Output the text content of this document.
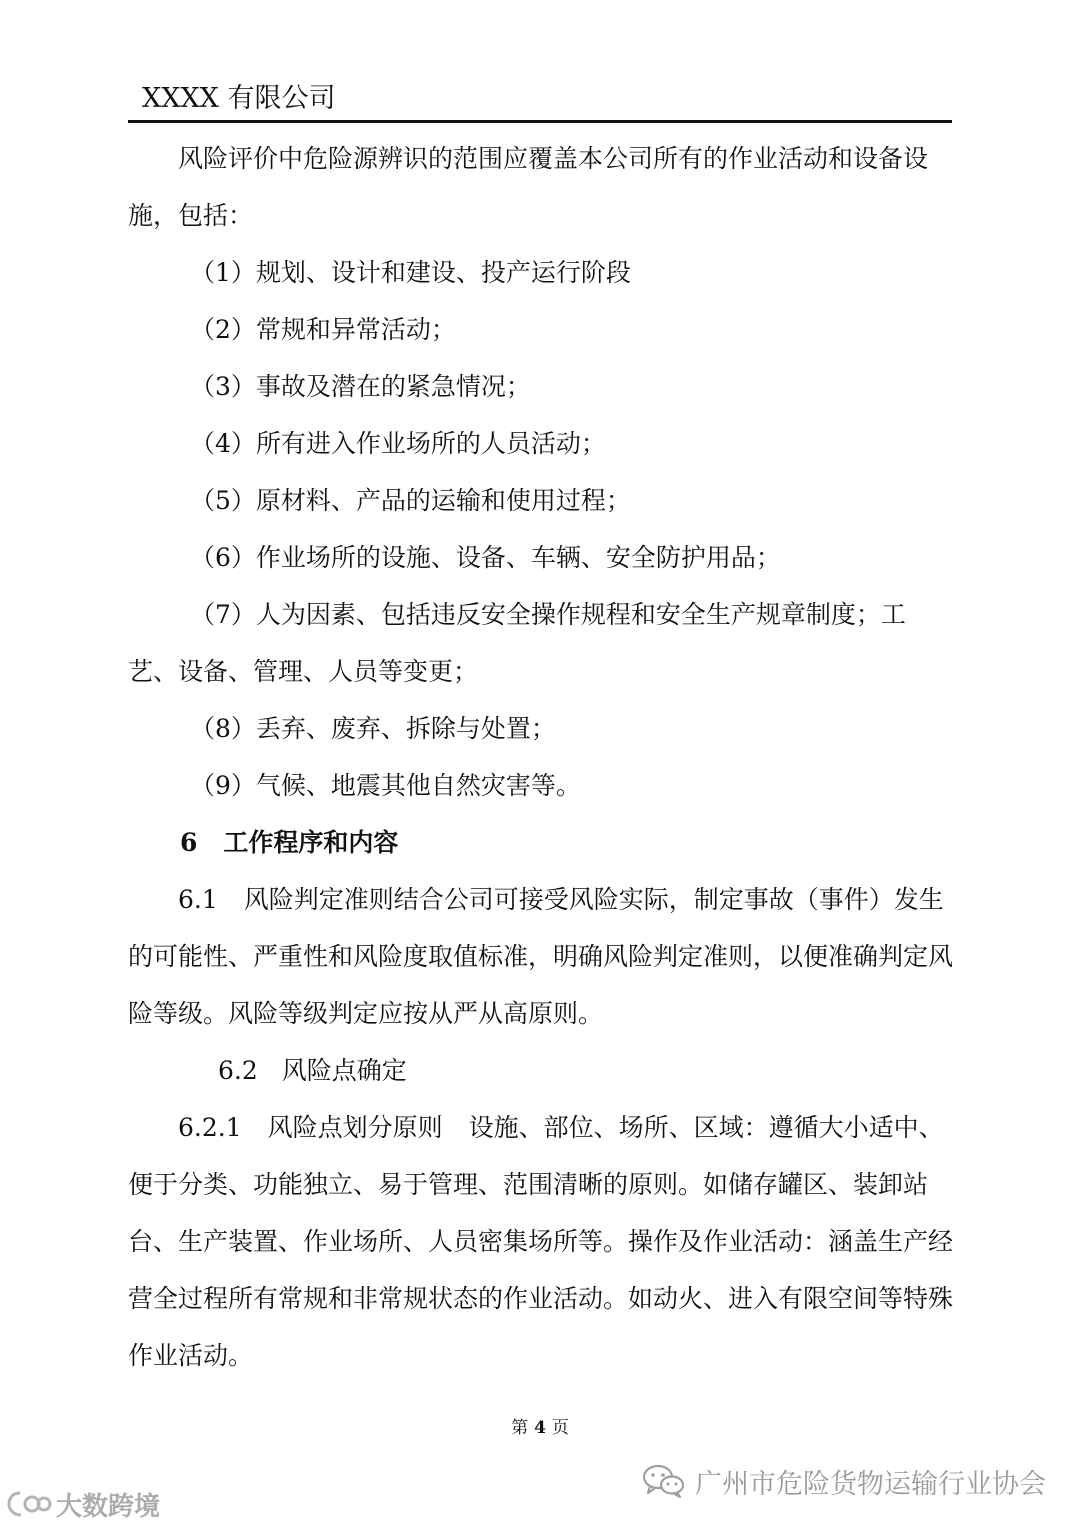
XXXX 有限公司

风险评价中危险源辨识的范围应覆盖本公司所有的作业活动和设备设施，包括：

（1）规划、设计和建设、投产运行阶段

（2）常规和异常活动；

（3）事故及潜在的紧急情况；

（4）所有进入作业场所的人员活动；

（5）原材料、产品的运输和使用过程；

（6）作业场所的设施、设备、车辆、安全防护用品；

（7）人为因素、包括违反安全操作规程和安全生产规章制度；工艺、设备、管理、人员等变更；

（8）丢弃、废弃、拆除与处置；

（9）气候、地震其他自然灾害等。

6 工作程序和内容

6.1 风险判定准则结合公司可接受风险实际，制定事故（事件）发生的可能性、严重性和风险度取值标准，明确风险判定准则，以便准确判定风险等级。风险等级判定应按从严从高原则。

6.2 风险点确定

6.2.1 风险点划分原则 设施、部位、场所、区域：遵循大小适中、便于分类、功能独立、易于管理、范围清晰的原则。如储存罐区、装卸站台、生产装置、作业场所、人员密集场所等。操作及作业活动：涵盖生产经营全过程所有常规和非常规状态的作业活动。如动火、进入有限空间等特殊作业活动。

第 4 页
广州市危险货物运输行业协会
大数跨境
